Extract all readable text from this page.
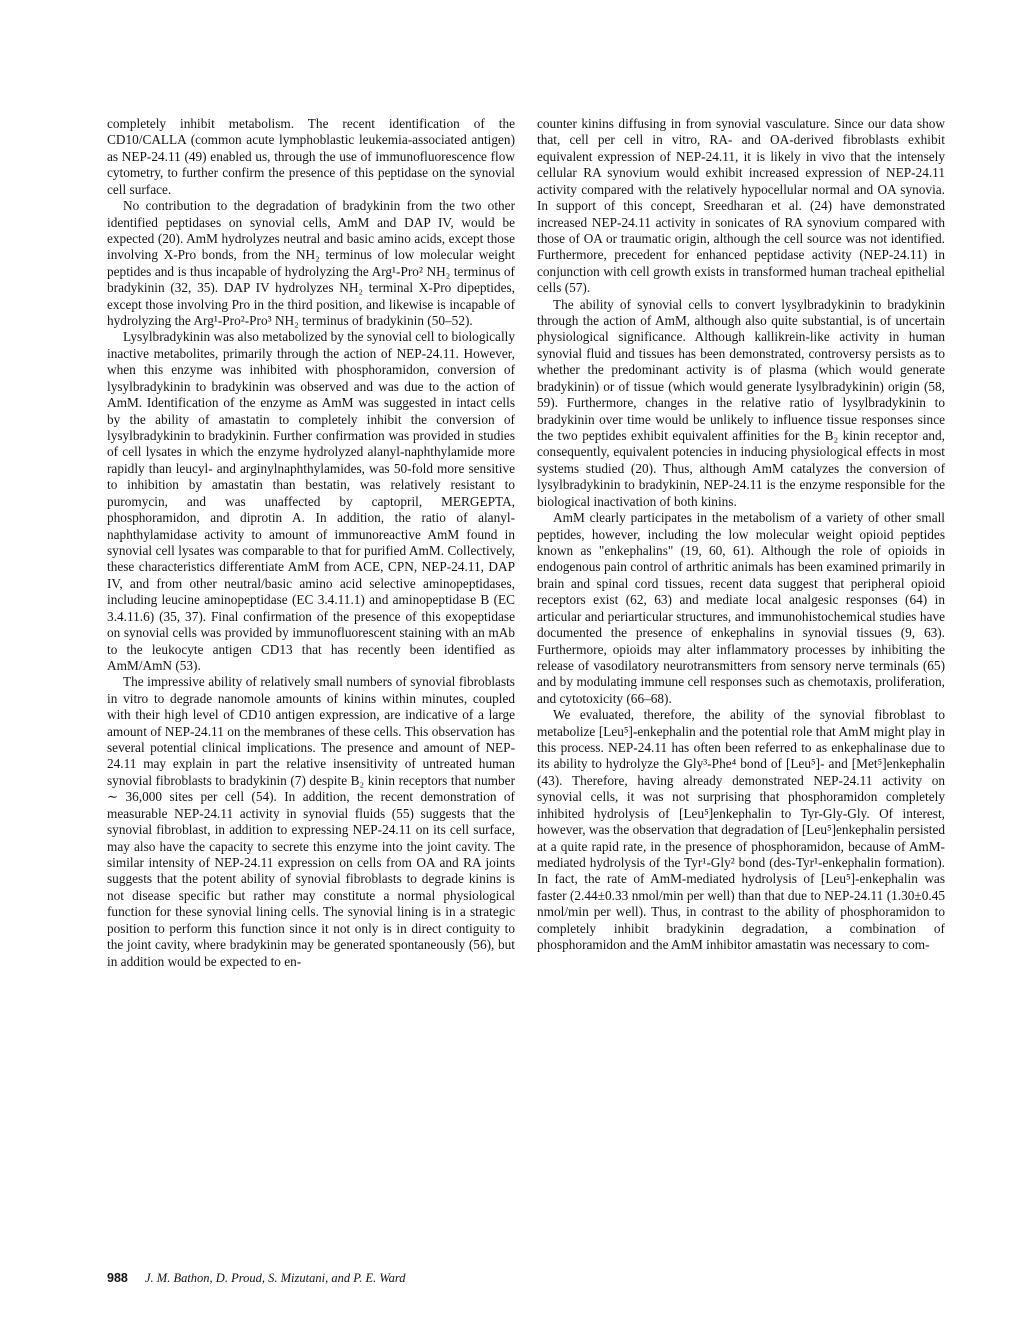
completely inhibit metabolism. The recent identification of the CD10/CALLA (common acute lymphoblastic leukemia-associated antigen) as NEP-24.11 (49) enabled us, through the use of immunofluorescence flow cytometry, to further confirm the presence of this peptidase on the synovial cell surface.

No contribution to the degradation of bradykinin from the two other identified peptidases on synovial cells, AmM and DAP IV, would be expected (20). AmM hydrolyzes neutral and basic amino acids, except those involving X-Pro bonds, from the NH₂ terminus of low molecular weight peptides and is thus incapable of hydrolyzing the Arg¹-Pro² NH₂ terminus of bradykinin (32, 35). DAP IV hydrolyzes NH₂ terminal X-Pro dipeptides, except those involving Pro in the third position, and likewise is incapable of hydrolyzing the Arg¹-Pro²-Pro³ NH₂ terminus of bradykinin (50–52).

Lysylbradykinin was also metabolized by the synovial cell to biologically inactive metabolites, primarily through the action of NEP-24.11. However, when this enzyme was inhibited with phosphoramidon, conversion of lysylbradykinin to bradykinin was observed and was due to the action of AmM. Identification of the enzyme as AmM was suggested in intact cells by the ability of amastatin to completely inhibit the conversion of lysylbradykinin to bradykinin. Further confirmation was provided in studies of cell lysates in which the enzyme hydrolyzed alanyl-naphthylamide more rapidly than leucyl- and arginylnaphthylamides, was 50-fold more sensitive to inhibition by amastatin than bestatin, was relatively resistant to puromycin, and was unaffected by captopril, MERGEPTA, phosphoramidon, and diprotin A. In addition, the ratio of alanyl-naphthylamidase activity to amount of immunoreactive AmM found in synovial cell lysates was comparable to that for purified AmM. Collectively, these characteristics differentiate AmM from ACE, CPN, NEP-24.11, DAP IV, and from other neutral/basic amino acid selective aminopeptidases, including leucine aminopeptidase (EC 3.4.11.1) and aminopeptidase B (EC 3.4.11.6) (35, 37). Final confirmation of the presence of this exopeptidase on synovial cells was provided by immunofluorescent staining with an mAb to the leukocyte antigen CD13 that has recently been identified as AmM/AmN (53).

The impressive ability of relatively small numbers of synovial fibroblasts in vitro to degrade nanomole amounts of kinins within minutes, coupled with their high level of CD10 antigen expression, are indicative of a large amount of NEP-24.11 on the membranes of these cells. This observation has several potential clinical implications. The presence and amount of NEP-24.11 may explain in part the relative insensitivity of untreated human synovial fibroblasts to bradykinin (7) despite B₂ kinin receptors that number ∼ 36,000 sites per cell (54). In addition, the recent demonstration of measurable NEP-24.11 activity in synovial fluids (55) suggests that the synovial fibroblast, in addition to expressing NEP-24.11 on its cell surface, may also have the capacity to secrete this enzyme into the joint cavity. The similar intensity of NEP-24.11 expression on cells from OA and RA joints suggests that the potent ability of synovial fibroblasts to degrade kinins is not disease specific but rather may constitute a normal physiological function for these synovial lining cells. The synovial lining is in a strategic position to perform this function since it not only is in direct contiguity to the joint cavity, where bradykinin may be generated spontaneously (56), but in addition would be expected to en-

counter kinins diffusing in from synovial vasculature. Since our data show that, cell per cell in vitro, RA- and OA-derived fibroblasts exhibit equivalent expression of NEP-24.11, it is likely in vivo that the intensely cellular RA synovium would exhibit increased expression of NEP-24.11 activity compared with the relatively hypocellular normal and OA synovia. In support of this concept, Sreedharan et al. (24) have demonstrated increased NEP-24.11 activity in sonicates of RA synovium compared with those of OA or traumatic origin, although the cell source was not identified. Furthermore, precedent for enhanced peptidase activity (NEP-24.11) in conjunction with cell growth exists in transformed human tracheal epithelial cells (57).

The ability of synovial cells to convert lysylbradykinin to bradykinin through the action of AmM, although also quite substantial, is of uncertain physiological significance. Although kallikrein-like activity in human synovial fluid and tissues has been demonstrated, controversy persists as to whether the predominant activity is of plasma (which would generate bradykinin) or of tissue (which would generate lysylbradykinin) origin (58, 59). Furthermore, changes in the relative ratio of lysylbradykinin to bradykinin over time would be unlikely to influence tissue responses since the two peptides exhibit equivalent affinities for the B₂ kinin receptor and, consequently, equivalent potencies in inducing physiological effects in most systems studied (20). Thus, although AmM catalyzes the conversion of lysylbradykinin to bradykinin, NEP-24.11 is the enzyme responsible for the biological inactivation of both kinins.

AmM clearly participates in the metabolism of a variety of other small peptides, however, including the low molecular weight opioid peptides known as "enkephalins" (19, 60, 61). Although the role of opioids in endogenous pain control of arthritic animals has been examined primarily in brain and spinal cord tissues, recent data suggest that peripheral opioid receptors exist (62, 63) and mediate local analgesic responses (64) in articular and periarticular structures, and immunohistochemical studies have documented the presence of enkephalins in synovial tissues (9, 63). Furthermore, opioids may alter inflammatory processes by inhibiting the release of vasodilatory neurotransmitters from sensory nerve terminals (65) and by modulating immune cell responses such as chemotaxis, proliferation, and cytotoxicity (66–68).

We evaluated, therefore, the ability of the synovial fibroblast to metabolize [Leu⁵]-enkephalin and the potential role that AmM might play in this process. NEP-24.11 has often been referred to as enkephalinase due to its ability to hydrolyze the Gly³-Phe⁴ bond of [Leu⁵]- and [Met⁵]enkephalin (43). Therefore, having already demonstrated NEP-24.11 activity on synovial cells, it was not surprising that phosphoramidon completely inhibited hydrolysis of [Leu⁵]enkephalin to Tyr-Gly-Gly. Of interest, however, was the observation that degradation of [Leu⁵]enkephalin persisted at a quite rapid rate, in the presence of phosphoramidon, because of AmM-mediated hydrolysis of the Tyr¹-Gly² bond (des-Tyr¹-enkephalin formation). In fact, the rate of AmM-mediated hydrolysis of [Leu⁵]-enkephalin was faster (2.44±0.33 nmol/min per well) than that due to NEP-24.11 (1.30±0.45 nmol/min per well). Thus, in contrast to the ability of phosphoramidon to completely inhibit bradykinin degradation, a combination of phosphoramidon and the AmM inhibitor amastatin was necessary to com-

988 J. M. Bathon, D. Proud, S. Mizutani, and P. E. Ward
